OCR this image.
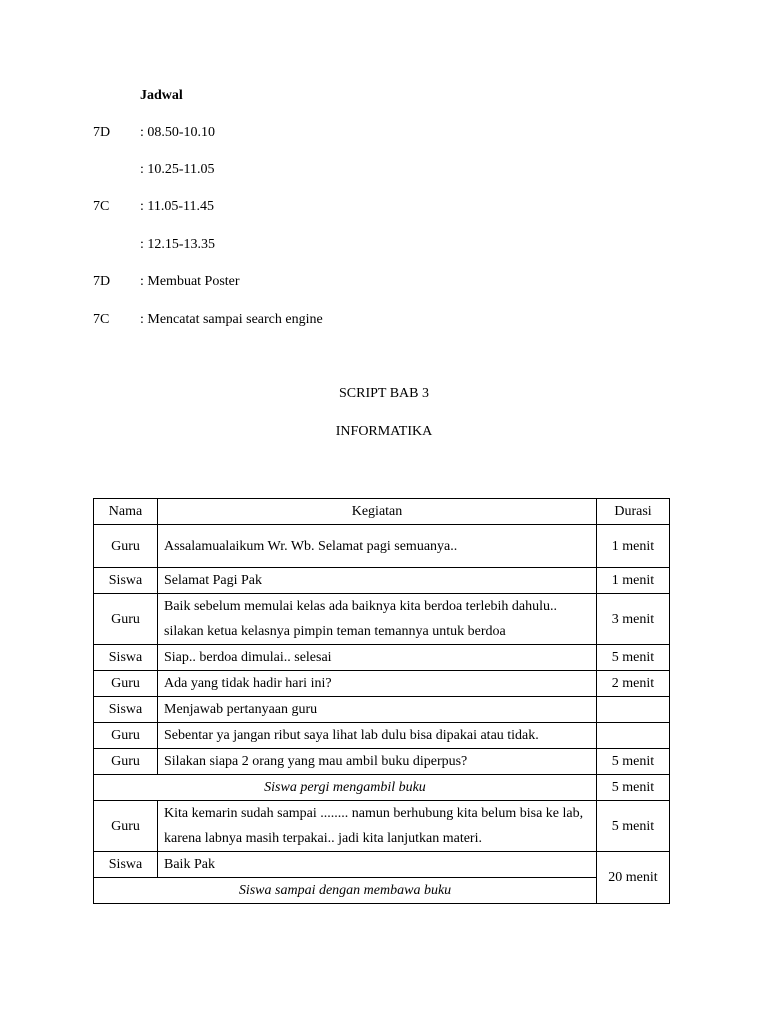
Jadwal
7D : 08.50-10.10
: 10.25-11.05
7C : 11.05-11.45
: 12.15-13.35
7D : Membuat Poster
7C : Mencatat sampai search engine
SCRIPT BAB 3
INFORMATIKA
Nama	Kegiatan	Durasi
Guru	Assalamualaikum Wr. Wb. Selamat pagi semuanya..	1 menit
Siswa	Selamat Pagi Pak	1 menit
Guru	Baik sebelum memulai kelas ada baiknya kita berdoa terlebih dahulu.. silakan ketua kelasnya pimpin teman temannya untuk berdoa	3 menit
Siswa	Siap.. berdoa dimulai.. selesai	5 menit
Guru	Ada yang tidak hadir hari ini?	2 menit
Siswa	Menjawab pertanyaan guru	
Guru	Sebentar ya jangan ribut saya lihat lab dulu bisa dipakai atau tidak.	
Guru	Silakan siapa 2 orang yang mau ambil buku diperpus?	5 menit
Siswa pergi mengambil buku		5 menit
Guru	Kita kemarin sudah sampai ........ namun berhubung kita belum bisa ke lab, karena labnya masih terpakai.. jadi kita lanjutkan materi.	5 menit
Siswa	Baik Pak	20 menit
Siswa sampai dengan membawa buku		
